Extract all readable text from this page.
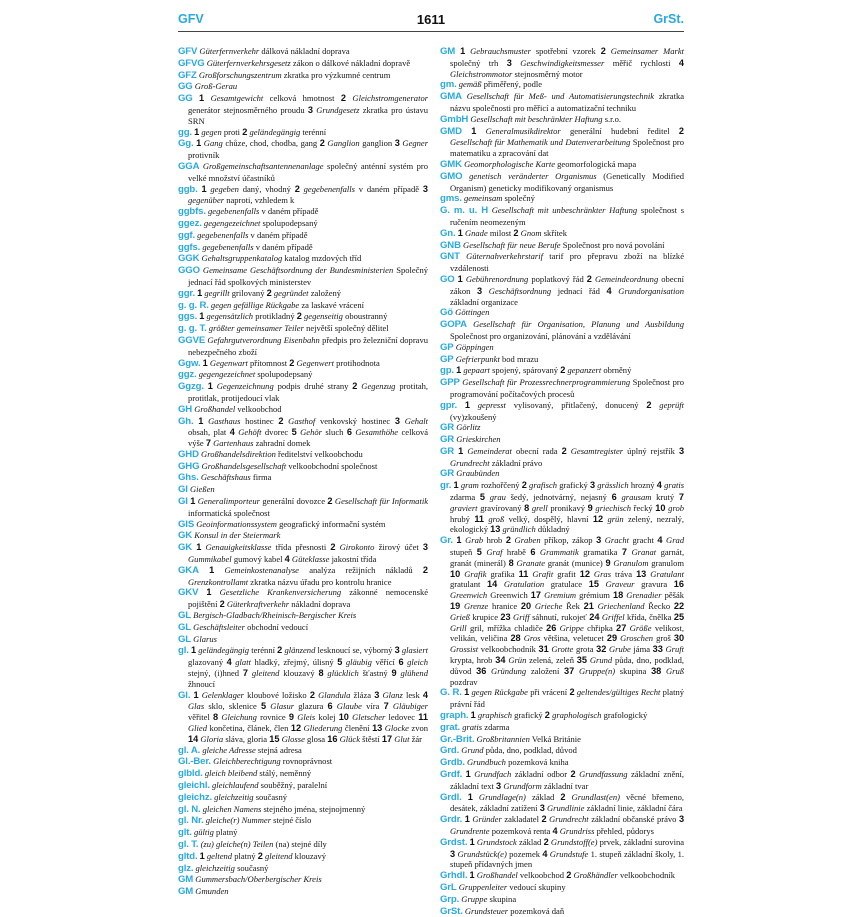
GFV	1611	GrSt.

GFV Güterfernverkehr dálková nákladní doprava

GFVG Güterfernverkehrsgesetz zákon o dálkové nákladní dopravě

GFZ Großforschungszentrum zkratka pro výzkumné centrum

GG Groß-Gerau

GG 1 Gesamtgewicht celková hmotnost 2 Gleichstromgenerator generátor stejnosměrného proudu 3 Grundgesetz zkratka pro ústavu SRN

gg. 1 gegen proti 2 geländegängig terénní

Gg. 1 Gang chůze, chod, chodba, gang 2 Ganglion ganglion 3 Gegner protivník

GGA Großgemeinschaftsantennenanlage společný anténní systém pro velké množství účastníků

ggb. 1 gegeben daný, vhodný 2 gegebenenfalls v daném případě 3 gegenüber naproti, vzhledem k

ggbfs. gegebenenfalls v daném případě

ggez. gegengezeichnet spolupodepsaný

ggf. gegebenenfalls v daném případě

ggfs. gegebenenfalls v daném případě

GGK Gehaltsgruppenkatalog katalog mzdových tříd

GGO Gemeinsame Geschäftsordnung der Bundesministerien Společný jednací řád spolkových ministerstev

ggr. 1 gegrillt grilovaný 2 gegründet založený

g. g. R. gegen gefällige Rückgabe za laskavé vrácení

ggs. 1 gegensätzlich protikladný 2 gegenseitig oboustranný

g. g. T. größter gemeinsamer Teiler největší společný dělitel

GGVE Gefahrgutverordnung Eisenbahn předpis pro železniční dopravu nebezpečného zboží

Ggw. 1 Gegenwart přítomnost 2 Gegenwert protihodnota

ggz. gegengezeichnet spolupodepsaný

Ggzg. 1 Gegenzeichnung podpis druhé strany 2 Gegenzug protitah, protitlak, protijedoucí vlak

GH Großhandel velkoobchod

Gh. 1 Gasthaus hostinec 2 Gasthof venkovský hostinec 3 Gehalt obsah, plat 4 Gehöft dvorec 5 Gehör sluch 6 Gesamthöhe celková výše 7 Gartenhaus zahradní domek

GHD Großhandelsdirektion ředitelství velkoobchodu

GHG Großhandelsgesellschaft velkoobchodní společnost

Ghs. Geschäftshaus firma

GI Gießen

GI 1 Generalimporteur generální dovozce 2 Gesellschaft für Informatik informatická společnost

GIS Geoinformationssystem geografický informační systém

GK Konsul in der Steiermark

GK 1 Genauigkeitsklasse třída přesnosti 2 Girokonto žirový účet 3 Gummikabel gumový kabel 4 Güteklasse jakostní třída

GKA 1 Gemeinkostenanalyse analýza režijních nákladů 2 Grenzkontrollamt zkratka názvu úřadu pro kontrolu hranice

GKV 1 Gesetzliche Krankenversicherung zákonné nemocenské pojištění 2 Güterkraftverkehr nákladní doprava

GL Bergisch-Gladbach/Rheinisch-Bergischer Kreis

GL Geschäftsleiter obchodní vedoucí

GL Glarus

gl. 1 geländegängig terénní 2 glänzend lesknoucí se, výborný 3 glasiert glazovaný 4 glatt hladký, zřejmý, úlisný 5 gläubig věřící 6 gleich stejný, (i)hned 7 gleitend klouzavý 8 glücklich šťastný 9 glühend žhnoucí

Gl. 1 Gelenklager kloubové ložisko 2 Glandula žláza 3 Glanz lesk 4 Glas sklo, sklenice 5 Glasur glazura 6 Glaube víra 7 Gläubiger věřitel 8 Gleichung rovnice 9 Gleis kolej 10 Gletscher ledovec 11 Glied končetina, článek, člen 12 Gliederung členění 13 Glocke zvon 14 Gloria sláva, gloria 15 Glosse glosa 16 Glück štěstí 17 Glut žár

gl. A. gleiche Adresse stejná adresa

Gl.-Ber. Gleichberechtigung rovnoprávnost

glbld. gleich bleibend stálý, neměnný

gleichl. gleichlaufend souběžný, paralelní

gleichz. gleichzeitig současný

gl. N. gleichen Namens stejného jména, stejnojmenný

gl. Nr. gleiche(r) Nummer stejné číslo

glt. gültig platný

gl. T. (zu) gleiche(n) Teilen (na) stejné díly

gltd. 1 geltend platný 2 gleitend klouzavý

glz. gleichzeitig současný

GM Gummersbach/Oberbergischer Kreis

GM Gmunden

GM 1 Gebrauchsmuster spotřební vzorek 2 Gemeinsamer Markt společný trh 3 Geschwindigkeitsmesser měřič rychlosti 4 Gleichstrommotor stejnosměrný motor

gm. gemäß přiměřený, podle

GMA Gesellschaft für Meß- und Automatisierungstechnik zkratka názvu společnosti pro měřicí a automatizační techniku

GmbH Gesellschaft mit beschränkter Haftung s.r.o.

GMD 1 Generalmusikdirektor generální hudební ředitel 2 Gesellschaft für Mathematik und Datenverarbeitung Společnost pro matematiku a zpracování dat

GMK Geomorphologische Karte geomorfologická mapa

GMO genetisch veränderter Organismus (Genetically Modified Organism) geneticky modifikovaný organismus

gms. gemeinsam společný

G. m. u. H Gesellschaft mit unbeschränkter Haftung společnost s ručením neomezeným

Gn. 1 Gnade milost 2 Gnom skřítek

GNB Gesellschaft für neue Berufe Společnost pro nová povolání

GNT Güternahverkehrstarif tarif pro přepravu zboží na blízké vzdálenosti

GO 1 Gebührenordnung poplatkový řád 2 Gemeindeordnung obecní zákon 3 Geschäftsordnung jednací řád 4 Grundorganisation základní organizace

Gö Göttingen

GOPA Gesellschaft für Organisation, Planung und Ausbildung Společnost pro organizování, plánování a vzdělávání

GP Göppingen

GP Gefrierpunkt bod mrazu

gp. 1 gepaart spojený, spárovaný 2 gepanzert obrněný

GPP Gesellschaft für Prozessrechnerprogrammierung Společnost pro programování počítačových procesů

gpr. 1 gepresst vylisovaný, přitlačený, donucený 2 geprüft (vy)zkoušený

GR Görlitz

GR Grieskirchen

GR 1 Gemeinderat obecní rada 2 Gesamtregister úplný rejstřík 3 Grundrecht základní právo

GR Graubünden

gr. 1 gram rozhořčený 2 grafisch grafický 3 grässlich hrozný 4 gratis zdarma 5 grau šedý, jednotvárný, nejasný 6 grausam krutý 7 graviert gravírovaný 8 grell pronikavý 9 griechisch řecký 10 grob hrubý 11 groß velký, dospělý, hlavní 12 grün zelený, nezralý, ekologický 13 gründlich důkladný

Gr. 1 Grab hrob 2 Graben příkop, zákop 3 Gracht gracht 4 Grad stupeň 5 Graf hrabě 6 Grammatik gramatika 7 Granat garnát, granát (minerál) 8 Granate granát (munice) 9 Granulom granulom 10 Grafik grafika 11 Grafit grafit 12 Gras tráva 13 Gratulant gratulant 14 Gratulation gratulace 15 Graveur gravura 16 Greenwich Greenwich 17 Gremium grémium 18 Grenadier pěšák 19 Grenze hranice 20 Grieche Řek 21 Griechenland Řecko 22 Grieß krupice 23 Griff sáhnutí, rukojeť 24 Griffel křída, čnělka 25 Grill gril, mřížka chladiče 26 Grippe chřipka 27 Größe velikost, velikán, veličina 28 Gros většina, veletucet 29 Groschen groš 30 Grossist velkoobchodník 31 Grotte grota 32 Grube jáma 33 Gruft krypta, hrob 34 Grün zelená, zeleň 35 Grund půda, dno, podklad, důvod 36 Gründung založení 37 Gruppe(n) skupina 38 Gruß pozdrav

G. R. 1 gegen Rückgabe při vrácení 2 geltendes/gültiges Recht platný právní řád

graph. 1 graphisch grafický 2 graphologisch grafologický

grat. gratis zdarma

Gr.-Brit. Großbritannien Velká Británie

Grd. Grund půda, dno, podklad, důvod

Grdb. Grundbuch pozemková kniha

Grdf. 1 Grundfach základní odbor 2 Grundfassung základní znění, základní text 3 Grundform základní tvar

Grdl. 1 Grundlage(n) základ 2 Grundlast(en) věcné břemeno, desátek, základní zatížení 3 Grundlinie základní linie, základní čára

Grdr. 1 Gründer zakladatel 2 Grundrecht základní občanské právo 3 Grundrente pozemková renta 4 Grundriss přehled, půdorys

Grdst. 1 Grundstock základ 2 Grundstoff(e) prvek, základní surovina 3 Grundstück(e) pozemek 4 Grundstufe 1. stupeň základní školy, 1. stupeň přídavných jmen

Grhdl. 1 Großhandel velkoobchod 2 Großhändler velkoobchodník

GrL Gruppenleiter vedoucí skupiny

Grp. Gruppe skupina

GrSt. Grundsteuer pozemková daň
